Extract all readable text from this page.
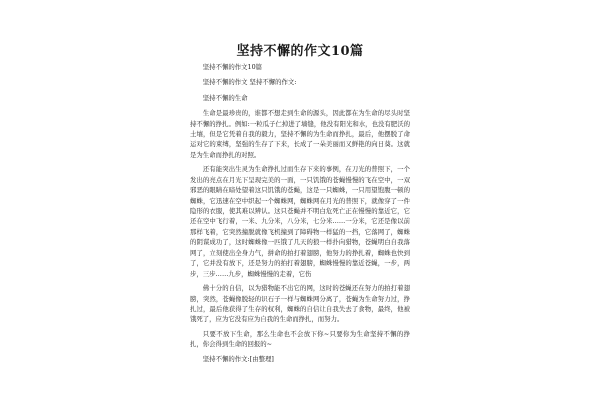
坚持不懈的作文10篇

坚持不懈的作文10篇

坚持不懈的作文 坚持不懈的作文:

坚持不懈的生命

生命是最珍贵的，谁都不想走到生命的源头，因此都在为生命的尽头时坚持不懈的挣扎。例如:一粒瓜子仁掉进了墙缝，他没有阳光和水，也没有肥沃的土壤，但是它凭着自我的毅力，坚持不懈的为生命而挣扎，最后，他摆脱了命运对它的束缚，坚强的生存了下来，长成了一朵美丽而又鲜艳的向日葵。这就是为生命而挣扎的对照。

还有能突出生灵为生命挣扎过而生存下来的事例，在刀光的普照下，一个发出的亮点在月光下呈现完美的一面，一只饥饿的苍蝇慢慢的飞在空中，一双邪恶的眼睛在暗处望着这只饥饿的苍蝇，这是一只蜘蛛，一只用望饱腹一顿的蜘蛛，它迅速在空中织起一个蜘蛛网，蜘蛛网在月光的普照下，就像穿了一件隐形的衣服，使其难以辨认。这只苍蝇并不明白危死亡正在慢慢的靠近它，它还在空中飞行着，一米、九分米，八分米，七分米……一分米，它还是像以前那样飞着，它突然撞脱就像飞机撞到了障碍物一样猛的一挡，它落网了，蜘蛛的阴谋成功了，这时蜘蛛像一匹饿了几天的狼一样扑向猎物，苍蝇明白自我落网了，立刻使出全身力气，拼命的拍打着翅膀，他努力的挣扎着，蜘蛛也快到了，它并没有放下，还是努力的拍打着翅膀，蜘蛛慢慢的靠近苍蝇，一步，两步，三步……九步，蜘蛛慢慢的走着，它伤

佛十分的自信，以为猎物能不出它的网，这时的苍蝇还在努力的拍打着翅膀，突然，苍蝇像脱轻的识石子一样与蜘蛛网分离了，苍蝇为生命努力过，挣扎过，最后他获得了生存的权利，蜘蛛的自信让自我失去了食物，最终，他被饿死了，应为它没有应为自我的生命而挣扎，而努力。

只要不放下生命，那么生命也不会放下你~只要你为生命坚持不懈的挣扎，你会得到生命的回报的~

坚持不懈的作文:[由整理]
